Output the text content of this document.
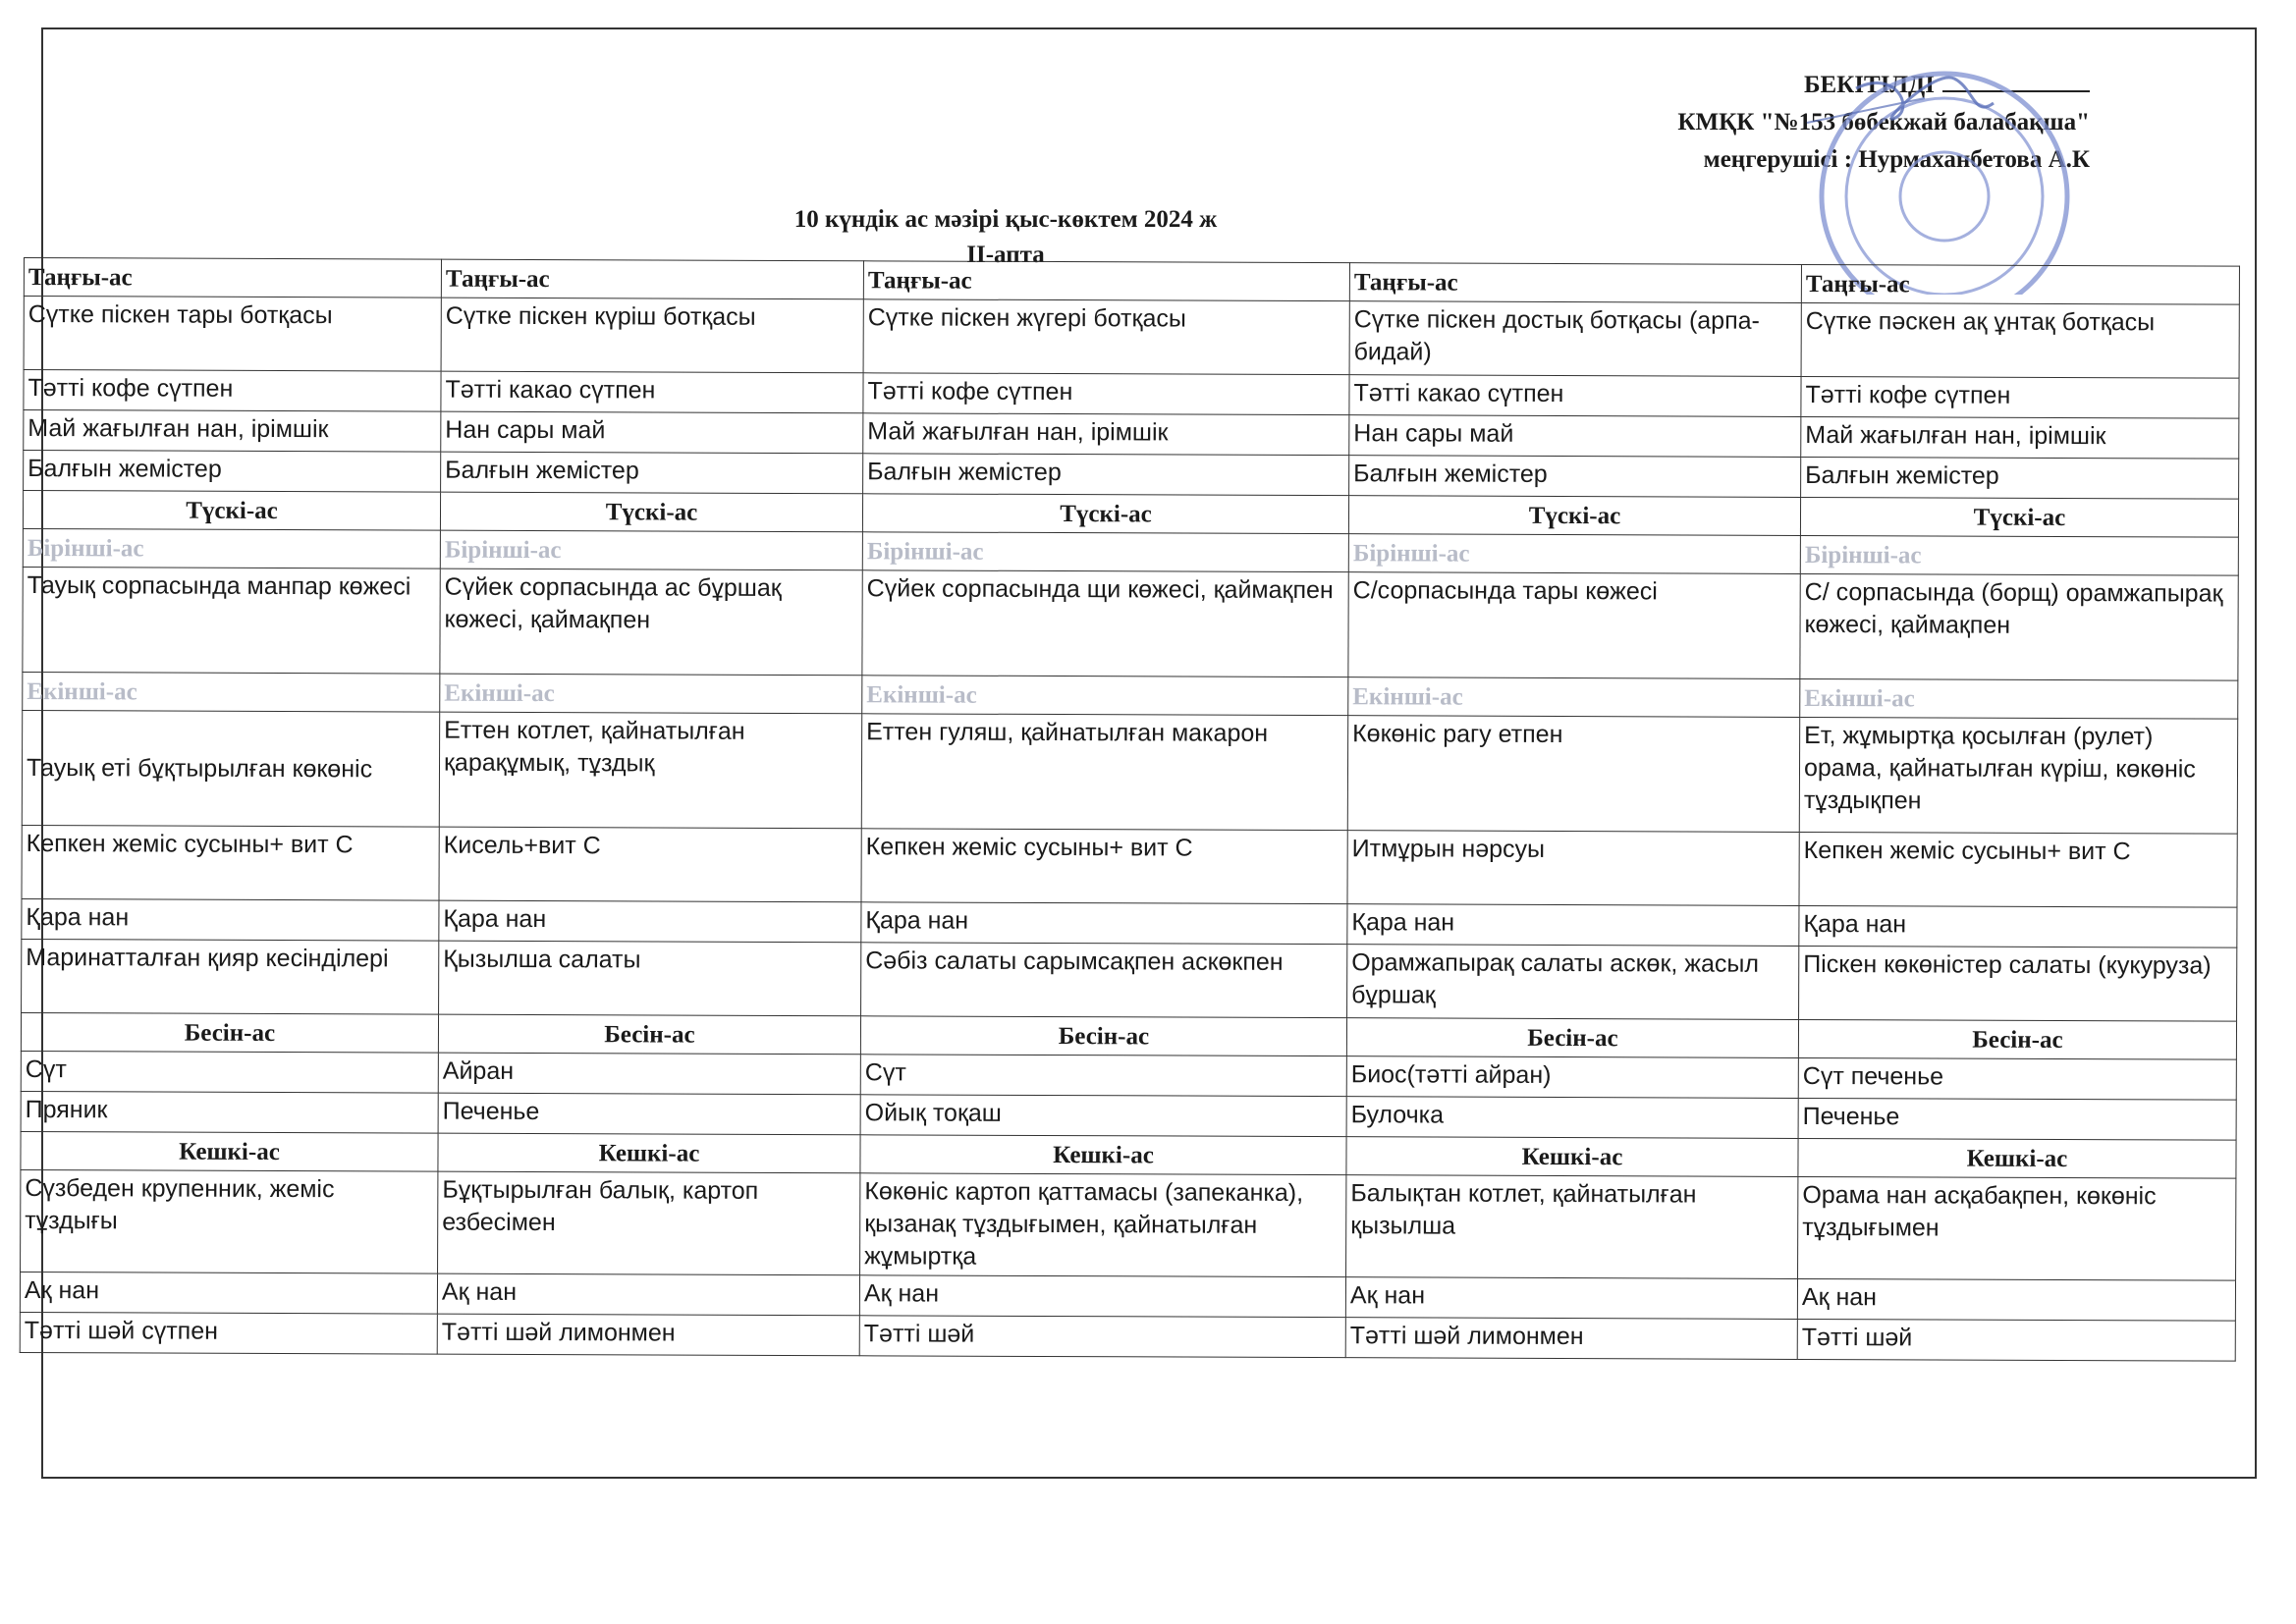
БЕКІТІЛДІ
КМҚК "№153 бөбекжай балабақша"
меңгерушісі : Нурмаханбетова А.К
10 күндік ас мәзірі қыс-көктем 2024 ж
II-апта
Таңғы-ас	Таңғы-ас	Таңғы-ас	Таңғы-ас	Таңғы-ас
Сүтке піскен тары ботқасы	Сүтке піскен күріш ботқасы	Сүтке піскен жүгері ботқасы	Сүтке піскен достық ботқасы (арпа-бидай)	Сүтке пәскен ақ ұнтақ ботқасы
Тәтті кофе сүтпен	Тәтті какао сүтпен	Тәтті кофе сүтпен	Тәтті какао сүтпен	Тәтті кофе сүтпен
Май жағылған нан, ірімшік	Нан сары май	Май жағылған нан, ірімшік	Нан сары май	Май жағылған нан, ірімшік
Балғын жемістер	Балғын жемістер	Балғын жемістер	Балғын жемістер	Балғын жемістер
Түскі-ас	Түскі-ас	Түскі-ас	Түскі-ас	Түскі-ас
Бірінші-ас	Бірінші-ас	Бірінші-ас	Бірінші-ас	Бірінші-ас
Тауық сорпасында манпар көжесі	Сүйек сорпасында ас бұршақ көжесі, қаймақпен	Сүйек сорпасында щи көжесі, қаймақпен	С/сорпасында тары көжесі	С/ сорпасында (борщ) орамжапырақ көжесі, қаймақпен
Екінші-ас	Екінші-ас	Екінші-ас	Екінші-ас	Екінші-ас
Тауық еті бұқтырылған көкөніс	Еттен котлет, қайнатылған қарақұмық, тұздық	Еттен гуляш, қайнатылған макарон	Көкөніс рагу етпен	Ет, жұмыртқа қосылған (рулет) орама, қайнатылған күріш, көкөніс тұздықпен
Кепкен жеміс сусыны+ вит С	Кисель+вит С	Кепкен жеміс сусыны+ вит С	Итмұрын нәрсуы	Кепкен жеміс сусыны+ вит С
Қара нан	Қара нан	Қара нан	Қара нан	Қара нан
Маринатталған қияр кесінділері	Қызылша салаты	Сәбіз салаты сарымсақпен аскөкпен	Орамжапырақ салаты аскөк, жасыл бұршақ	Піскен көкөністер салаты (кукуруза)
Бесін-ас	Бесін-ас	Бесін-ас	Бесін-ас	Бесін-ас
Сүт	Айран	Сүт	Биос(тәтті айран)	Сүт печенье
Пряник	Печенье	Ойық тоқаш	Булочка	Печенье
Кешкі-ас	Кешкі-ас	Кешкі-ас	Кешкі-ас	Кешкі-ас
Сүзбеден крупенник, жеміс тұздығы	Бұқтырылған балық, картоп езбесімен	Көкөніс картоп қаттамасы (запеканка), қызанақ тұздығымен, қайнатылған жұмыртқа	Балықтан котлет, қайнатылған қызылша	Орама нан асқабақпен, көкөніс тұздығымен
Ақ нан	Ақ нан	Ақ нан	Ақ нан	Ақ нан
Тәтті шәй сүтпен	Тәтті шәй лимонмен	Тәтті шәй	Тәтті шәй лимонмен	Тәтті шәй
